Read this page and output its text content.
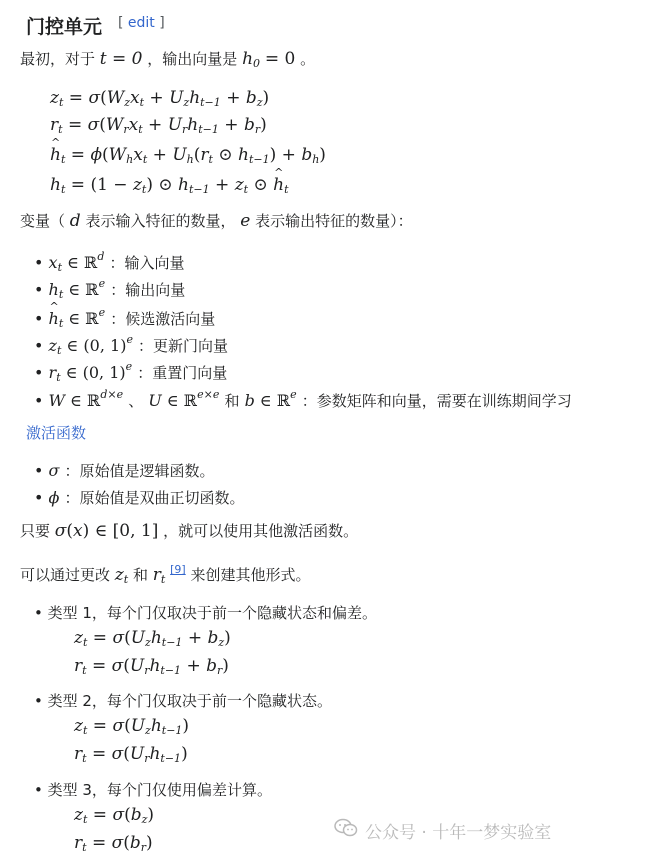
门控单元 [ edit ]
最初，对于 t = 0 ，输出向量是 $h_0 = 0$ 。
$z_t = \sigma(W_zx_t + U_zh_{t-1} + b_z)$
$r_t = \sigma(W_rx_t + U_rh_{t-1} + b_r)$
^ $h_t = \phi(W_hx_t + U_h(r_t$ ⊙ $h_{t-1}) + b_h$)
$h_t = (1 - z_t)$ ⊙ $h_{t-1} + z_t$ ⊙ ^ $h_t$
变量（ d 表示输入特征的数量， e 表示输出特征的数量）：
• $x_t$ ∈ ℝ$^d$ ：输入向量
• $h_t$ ∈ ℝ$^e$ ：输出向量
• ^ $h_t$ ∈ ℝ$^e$ ：候选激活向量
• $z_t$ ∈ (0, 1)$^e$ ：更新门向量
• $r_t$ ∈ (0, 1)$^e$ ：重置门向量
• W ∈ ℝ$^{d\times e}$ 、 U ∈ ℝ$^{e\times e}$ 和 b ∈ ℝ$^e$ ：参数矩阵和向量，需要在训练期间学习
激活函数
• σ ：原始值是逻辑函数。
• ϕ ：原始值是双曲正切函数。
只要 σ(x) ∈ [0, 1] ，就可以使用其他激活函数。
可以通过更改 $z_t$ 和 $r_t$ [9] 来创建其他形式。
• 类型 1，每个门仅取决于前一个隐藏状态和偏差。
$z_t = \sigma(U_zh_{t-1} + b_z)$
$r_t = \sigma(U_rh_{t-1} + b_r)$
• 类型 2，每个门仅取决于前一个隐藏状态。
$z_t = \sigma(U_zh_{t-1})$
$r_t = \sigma(U_rh_{t-1})$
• 类型 3，每个门仅使用偏差计算。
$z_t = \sigma(b_z)$
$r_t = \sigma(b_r)$	公众号 · 十年一梦实验室
